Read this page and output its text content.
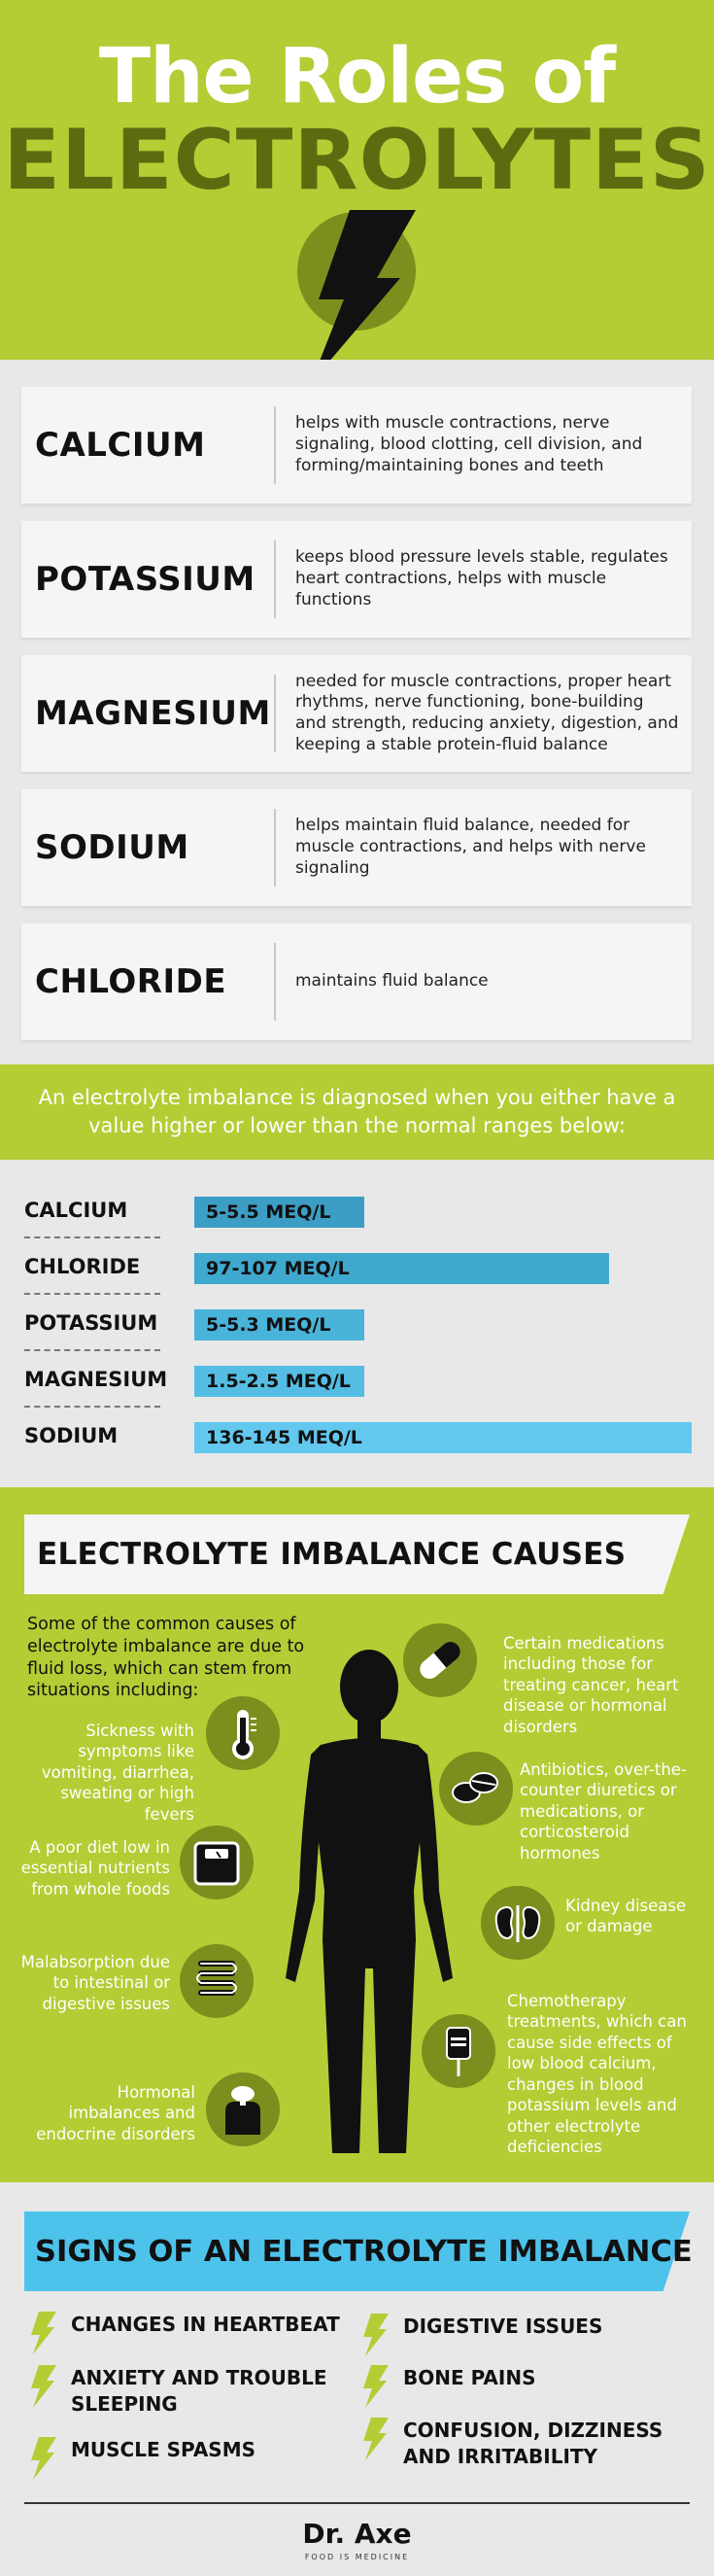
The Roles of
ELECTROLYTES
CALCIUM
helps with muscle contractions, nerve signaling, blood clotting, cell division, and forming/maintaining bones and teeth
POTASSIUM
keeps blood pressure levels stable, regulates heart contractions, helps with muscle functions
MAGNESIUM
needed for muscle contractions, proper heart rhythms, nerve functioning, bone-building and strength, reducing anxiety, digestion, and keeping a stable protein-fluid balance
SODIUM
helps maintain fluid balance, needed for muscle contractions, and helps with nerve signaling
CHLORIDE	maintains fluid balance
An electrolyte imbalance is diagnosed when you either have a value higher or lower than the normal ranges below:
CALCIUM	5-5.5 MEQ/L
CHLORIDE	97-107 MEQ/L
POTASSIUM	5-5.3 MEQ/L
MAGNESIUM 1.5-2.5 MEQ/L
SODIUM	136-145 MEQ/L
ELECTROLYTE IMBALANCE CAUSES
Some of the common causes of electrolyte imbalance are due to fluid loss, which can stem from situations including:
Sickness with symptoms like vomiting, diarrhea, sweating or high fevers
A poor diet low in essential nutrients from whole foods
Malabsorption due to intestinal or digestive issues
Hormonal imbalances and endocrine disorders
Certain medications including those for treating cancer, heart disease or hormonal disorders
Antibiotics, over-the-counter diuretics or medications, or corticosteroid hormones
Kidney disease or damage
Chemotherapy treatments, which can cause side effects of low blood calcium, changes in blood potassium levels and other electrolyte deficiencies
SIGNS OF AN ELECTROLYTE IMBALANCE
CHANGES IN HEARTBEAT
ANXIETY AND TROUBLE SLEEPING
MUSCLE SPASMS
DIGESTIVE ISSUES
BONE PAINS
CONFUSION, DIZZINESS AND IRRITABILITY
Dr. Axe
FOOD IS MEDICINE
